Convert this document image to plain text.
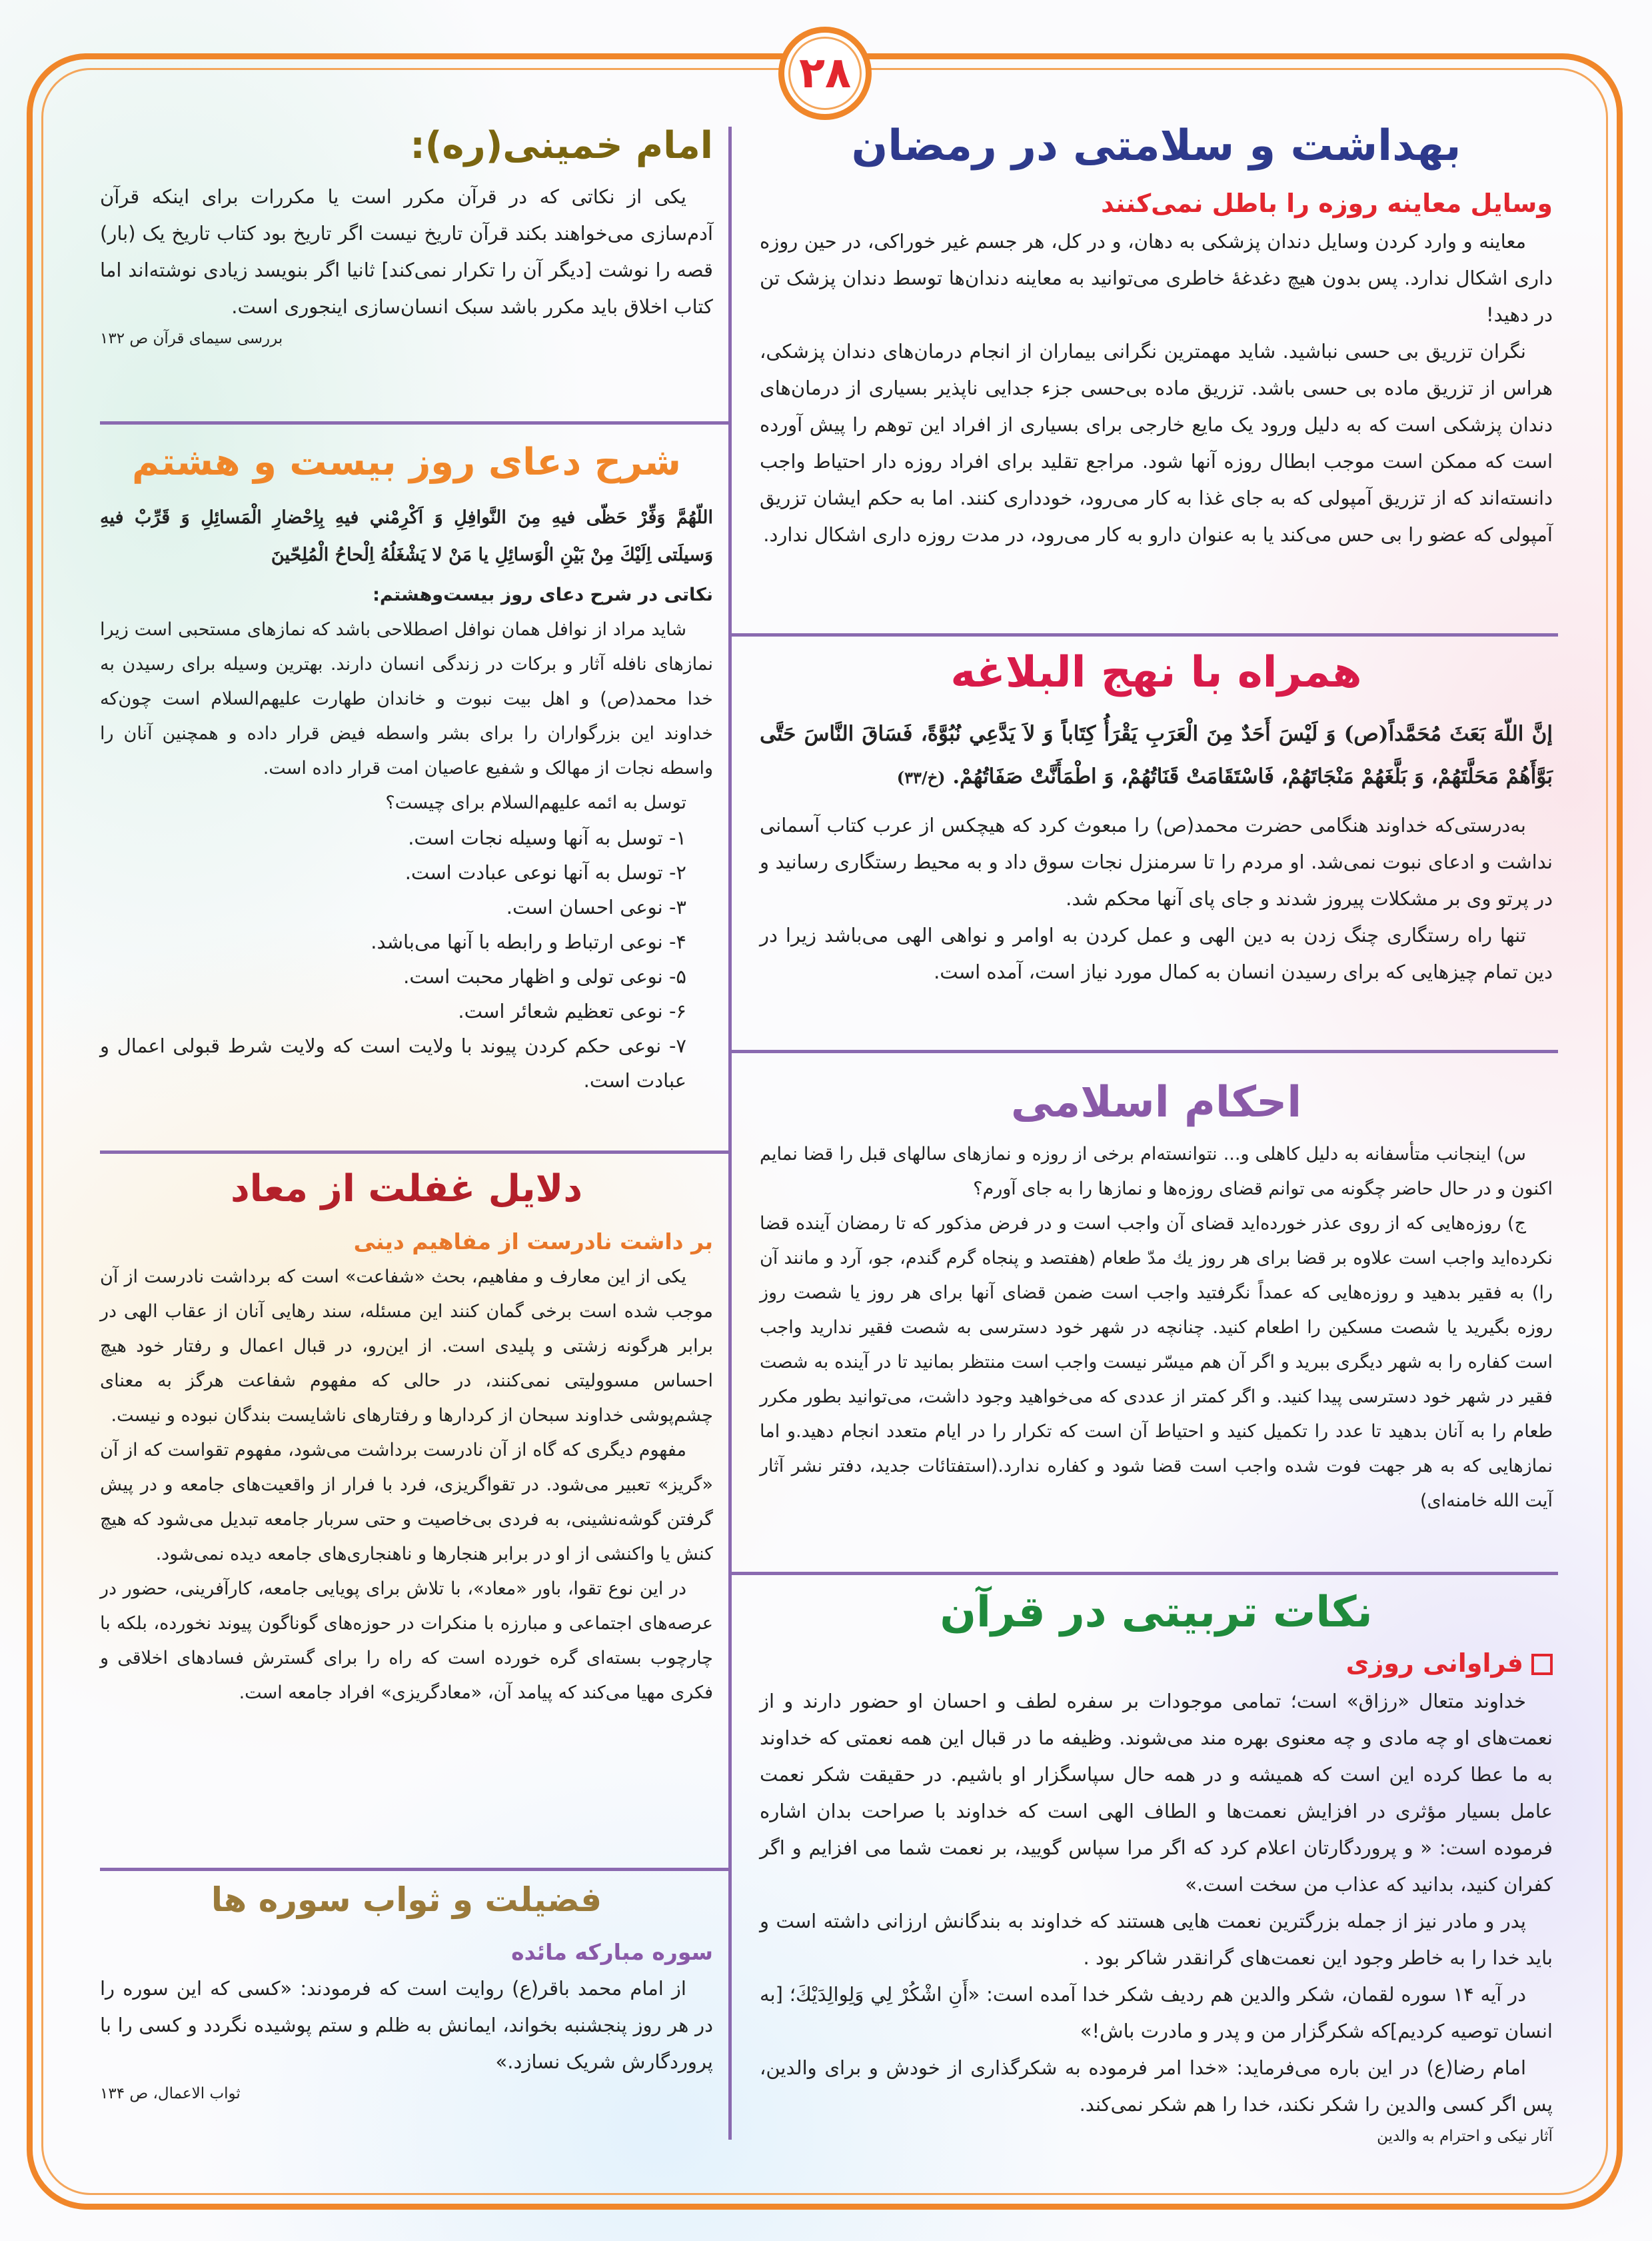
۲۸
بهداشت و سلامتی در رمضان
وسایل معاینه روزه را باطل نمی‌کنند

معاینه و وارد کردن وسایل دندان پزشکی به دهان، و در کل، هر جسم غیر خوراکی، در حین روزه داری اشکال ندارد. پس بدون هیچ دغدغهٔ خاطری می‌توانید به معاینه دندان‌ها توسط دندان پزشک تن در دهید!

نگران تزریق بی حسی نباشید. شاید مهمترین نگرانی بیماران از انجام درمان‌های دندان پزشکی، هراس از تزریق ماده بی حسی باشد. تزریق ماده بی‌حسی جزء جدایی ناپذیر بسیاری از درمان‌های دندان پزشکی است که به دلیل ورود یک مایع خارجی برای بسیاری از افراد این توهم را پیش آورده است که ممکن است موجب ابطال روزه آنها شود. مراجع تقلید برای افراد روزه دار احتیاط واجب دانسته‌اند که از تزریق آمپولی که به جای غذا به کار می‌رود، خودداری کنند. اما به حکم ایشان تزریق آمپولی که عضو را بی حس می‌کند یا به عنوان دارو به کار می‌رود، در مدت روزه داری اشکال ندارد.

همراه با نهج البلاغه

إنَّ اللّهَ بَعَثَ مُحَمَّداً(ص) وَ لَيْسَ أَحَدٌ مِنَ الْعَرَبِ يَقْرَأُ كِتَاباً وَ لاَ يَدَّعِي نُبُوَّةً، فَسَاقَ النَّاسَ حَتَّى بَوَّأَهُمْ مَحَلَّتَهُمْ، وَ بَلَّغَهُمْ مَنْجَاتَهُمْ، فَاسْتَقَامَتْ قَنَاتُهُمْ، وَ اطْمَأَنَّتْ صَفَاتُهُمْ. (خ/۳۳)

به‌درستی‌که خداوند هنگامی حضرت محمد(ص) را مبعوث کرد که هیچکس از عرب کتاب آسمانی نداشت و ادعای نبوت نمی‌شد. او مردم را تا سرمنزل نجات سوق داد و به محیط رستگاری رسانید و در پرتو وی بر مشکلات پیروز شدند و جای پای آنها محکم شد.

تنها راه رستگاری چنگ زدن به دین الهی و عمل کردن به اوامر و نواهی الهی می‌باشد زیرا در دین تمام چیزهایی که برای رسیدن انسان به کمال مورد نیاز است، آمده است.

احکام اسلامی

س) اینجانب متأسفانه به دلیل کاهلی و... نتوانسته‌ام برخی از روزه و نمازهای سالهای قبل را قضا نمایم اکنون و در حال حاضر چگونه می توانم قضای روزه‌ها و نمازها را به جای آورم؟

ج) روزه‌هایی که از روی عذر خورده‌اید قضای آن واجب است و در فرض مذکور که تا رمضان آینده قضا نکرده‌اید واجب است علاوه بر قضا برای هر روز یك مدّ طعام (هفتصد و پنجاه گرم گندم، جو، آرد و مانند آن را) به فقیر بدهید و روزه‌هایی که عمداً نگرفتید واجب است ضمن قضای آنها برای هر روز یا شصت روز روزه بگیرید یا شصت مسکین را اطعام کنید. چنانچه در شهر خود دسترسی به شصت فقیر ندارید واجب است کفاره را به شهر دیگری ببرید و اگر آن هم میسّر نیست واجب است منتظر بمانید تا در آینده به شصت فقیر در شهر خود دسترسی پیدا کنید. و اگر کمتر از عددی که می‌خواهید وجود داشت، می‌توانید بطور مکرر طعام را به آنان بدهید تا عدد را تکمیل کنید و احتیاط آن است که تکرار را در ایام متعدد انجام دهید.و اما نمازهایی که به هر جهت فوت شده واجب است قضا شود و کفاره ندارد.(استفتائات جدید، دفتر نشر آثار آیت الله خامنه‌ای)

نکات تربیتی در قرآن
فراوانی روزی

خداوند متعال «رزاق» است؛ تمامی موجودات بر سفره لطف و احسان او حضور دارند و از نعمت‌های او چه مادی و چه معنوی بهره مند می‌شوند. وظیفه ما در قبال این همه نعمتی که خداوند به ما عطا کرده این است که همیشه و در همه حال سپاسگزار او باشیم. در حقیقت شکر نعمت عامل بسیار مؤثری در افزایش نعمت‌ها و الطاف الهی است که خداوند با صراحت بدان اشاره فرموده است: « و پروردگارتان اعلام کرد که اگر مرا سپاس گویید، بر نعمت شما می افزایم و اگر کفران کنید، بدانید که عذاب من سخت است.»

پدر و مادر نیز از جمله بزرگترین نعمت هایی هستند که خداوند به بندگانش ارزانی داشته است و باید خدا را به خاطر وجود این نعمت‌های گرانقدر شاکر بود .

در آیه ۱۴ سوره لقمان، شکر والدین هم ردیف شکر خدا آمده است: «أَنِ اشْكُرْ لِي وَلِوالِدَيْكَ؛ [به انسان توصیه کردیم]که شکرگزار من و پدر و مادرت باش!»

امام رضا(ع) در این باره می‌فرماید: «خدا امر فرموده به شکرگذاری از خودش و برای والدین، پس اگر کسی والدین را شکر نکند، خدا را هم شکر نمی‌کند.

آثار نیکی و احترام به والدین

امام خمینی(ره):

یکی از نکاتی که در قرآن مکرر است یا مکررات برای اینکه قرآن آدم‌سازی می‌خواهند بکند قرآن تاریخ نیست اگر تاریخ بود کتاب تاریخ یک (بار) قصه را نوشت [دیگر آن را تکرار نمی‌کند] ثانیا اگر بنویسد زیادی نوشته‌اند اما کتاب اخلاق باید مکرر باشد سبک انسان‌سازی اینجوری است.

بررسی سیمای قرآن ص ۱۳۲

شرح دعای روز بیست و هشتم

اللّهُمَّ وَفِّرْ حَظّى فيهِ مِنَ النَّوافِلِ وَ اَكْرِمْني فيهِ بِاِحْضارِ الْمَسائِلِ وَ قَرِّبْ فيهِ وَسيلَتى اِلَيْكَ مِنْ بَيْنِ الْوَسائِلِ يا مَنْ لا يَشْغَلُهُ اِلْحاحُ الْمُلِحّينَ

نکاتی در شرح دعای روز بیست‌وهشتم:

شاید مراد از نوافل همان نوافل اصطلاحی باشد که نمازهای مستحبی است زیرا نمازهای نافله آثار و برکات در زندگی انسان دارند. بهترین وسیله برای رسیدن به خدا محمد(ص) و اهل بیت نبوت و خاندان طهارت علیهم‌السلام است چون‌که خداوند این بزرگواران را برای بشر واسطه فیض قرار داده و همچنین آنان را واسطه نجات از مهالک و شفیع عاصیان امت قرار داده است.

توسل به ائمه علیهم‌السلام برای چیست؟

۱- توسل به آنها وسیله نجات است.
۲- توسل به آنها نوعی عبادت است.
۳- نوعی احسان است.
۴- نوعی ارتباط و رابطه با آنها می‌باشد.
۵- نوعی تولی و اظهار محبت است.
۶- نوعی تعظیم شعائر است.
۷- نوعی حکم کردن پیوند با ولایت است که ولایت شرط قبولی اعمال و عبادت است.
دلایل غفلت از معاد
بر داشت نادرست از مفاهیم دینی

یکی از این معارف و مفاهیم، بحث «شفاعت» است که برداشت نادرست از آن موجب شده است برخی گمان کنند این مسئله، سند رهایی آنان از عقاب الهی در برابر هرگونه زشتی و پلیدی است. از این‌رو، در قبال اعمال و رفتار خود هیچ احساس مسوولیتی نمی‌کنند، در حالی که مفهوم شفاعت هرگز به معنای چشم‌پوشی خداوند سبحان از کردارها و رفتارهای ناشایست بندگان نبوده و نیست.

مفهوم دیگری که گاه از آن نادرست برداشت می‌شود، مفهوم تقواست که از آن «گریز» تعبیر می‌شود. در تقواگریزی، فرد با فرار از واقعیت‌های جامعه و در پیش گرفتن گوشه‌نشینی، به فردی بی‌خاصیت و حتی سربار جامعه تبدیل می‌شود که هیچ کنش یا واکنشی از او در برابر هنجارها و ناهنجاری‌های جامعه دیده نمی‌شود.

در این نوع تقوا، باور «معاد»، با تلاش برای پویایی جامعه، کارآفرینی، حضور در عرصه‌های اجتماعی و مبارزه با منکرات در حوزه‌های گوناگون پیوند نخورده، بلکه با چارچوب بسته‌ای گره خورده است که راه را برای گسترش فسادهای اخلاقی و فکری مهیا می‌کند که پیامد آن، «معادگریزی» افراد جامعه است.

فضیلت و ثواب سوره ها
سوره مبارکه مائده

از امام محمد باقر(ع) روایت است که فرمودند: «کسی که این سوره را در هر روز پنجشنبه بخواند، ایمانش به ظلم و ستم پوشیده نگردد و کسی را با پروردگارش شریک نسازد.»

ثواب الاعمال، ص ۱۳۴
